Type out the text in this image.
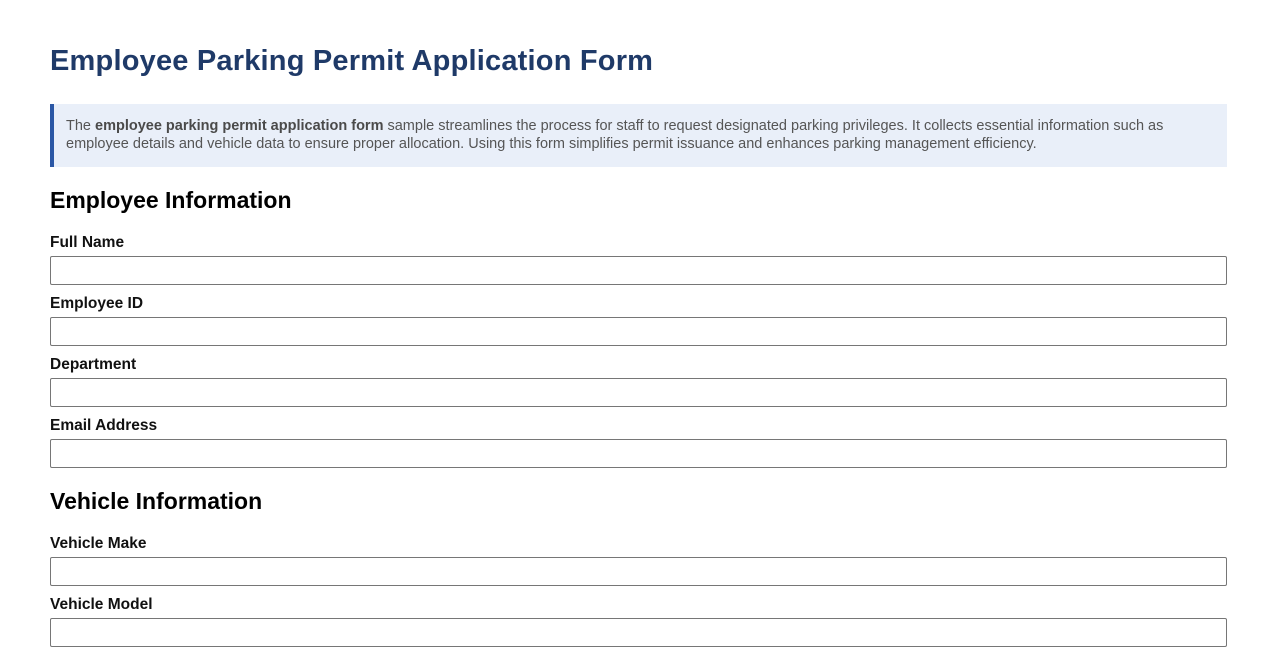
Employee Parking Permit Application Form
The employee parking permit application form sample streamlines the process for staff to request designated parking privileges. It collects essential information such as employee details and vehicle data to ensure proper allocation. Using this form simplifies permit issuance and enhances parking management efficiency.
Employee Information
Full Name
Employee ID
Department
Email Address
Vehicle Information
Vehicle Make
Vehicle Model
